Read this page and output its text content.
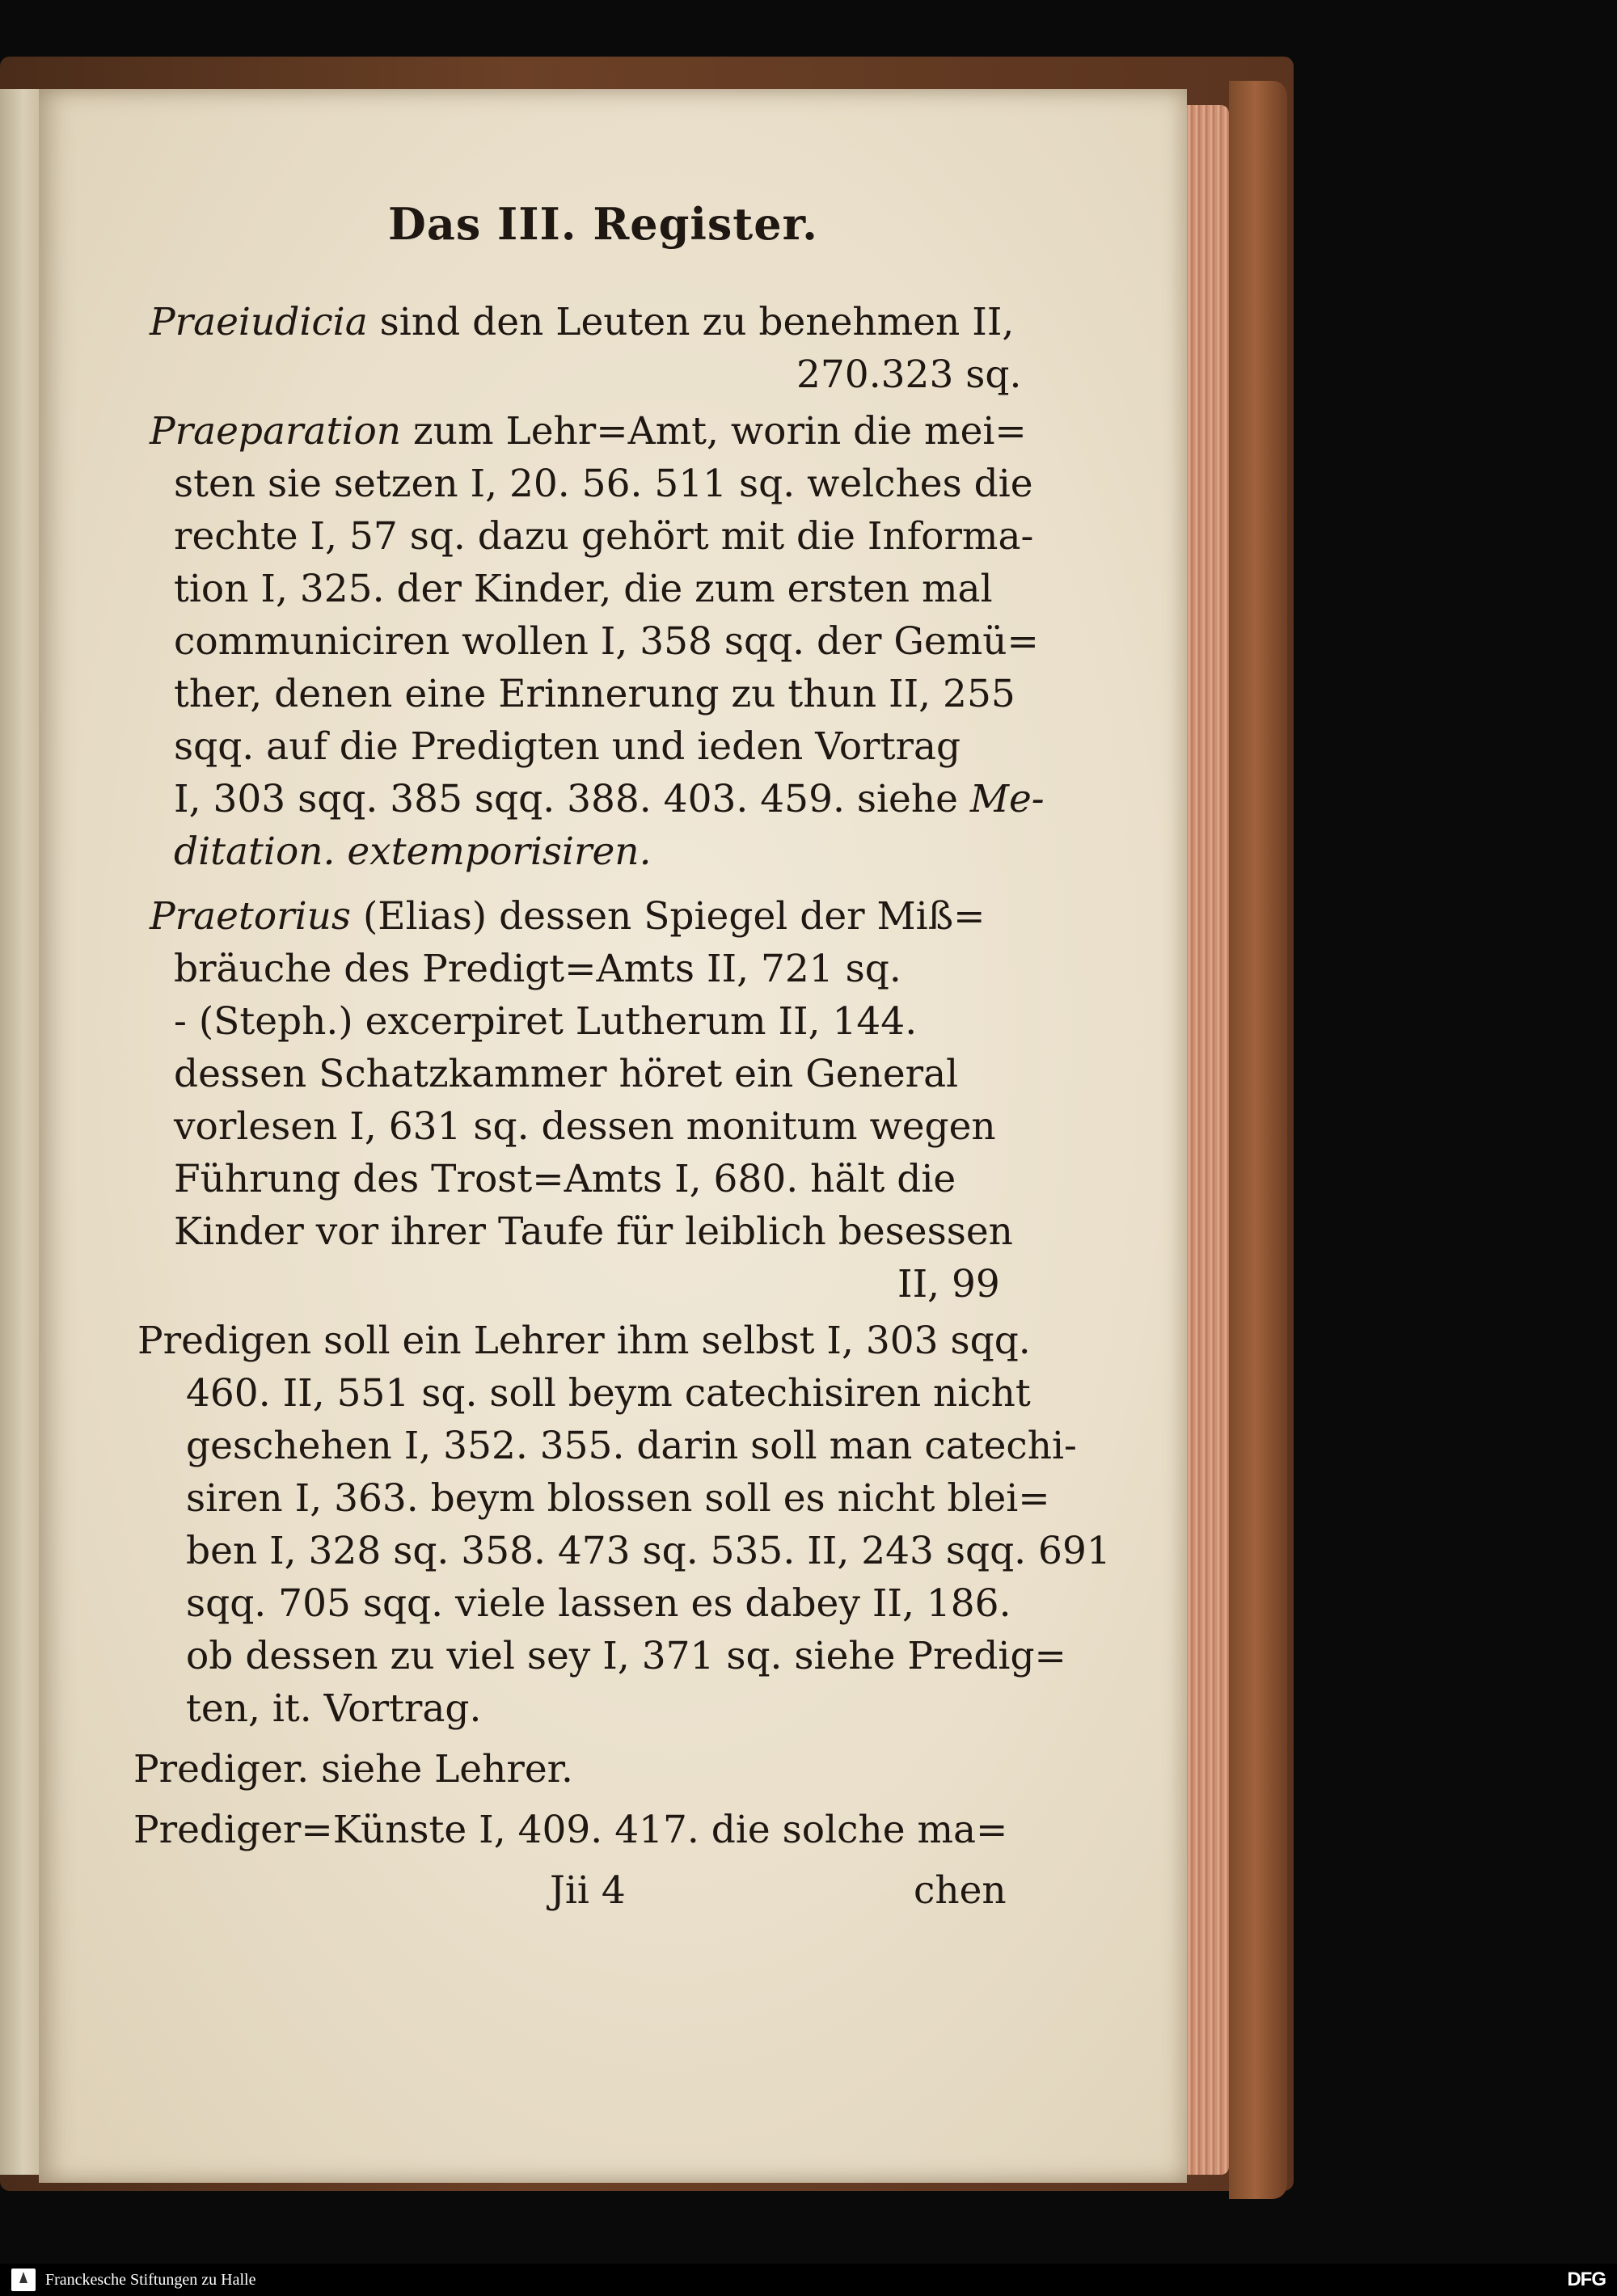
Das III. Register.
Praeiudicia sind den Leuten zu benehmen II,
270.323 sq.
Praeparation zum Lehr=Amt, worin die mei=
sten sie setzen I, 20. 56. 511 sq. welches die
rechte I, 57 sq. dazu gehört mit die Informa-
tion I, 325. der Kinder, die zum ersten mal
communiciren wollen I, 358 sqq. der Gemü=
ther, denen eine Erinnerung zu thun II, 255
sqq. auf die Predigten und ieden Vortrag
I, 303 sqq. 385 sqq. 388. 403. 459. siehe Me-
ditation. extemporisiren.
Praetorius (Elias) dessen Spiegel der Miß=
bräuche des Predigt=Amts II, 721 sq.
- (Steph.) excerpiret Lutherum II, 144.
dessen Schatzkammer höret ein General
vorlesen I, 631 sq. dessen monitum wegen
Führung des Trost=Amts I, 680. hält die
Kinder vor ihrer Taufe für leiblich besessen
II, 99
Predigen soll ein Lehrer ihm selbst I, 303 sqq.
460. II, 551 sq. soll beym catechisiren nicht
geschehen I, 352. 355. darin soll man catechi-
siren I, 363. beym blossen soll es nicht blei=
ben I, 328 sq. 358. 473 sq. 535. II, 243 sqq. 691
sqq. 705 sqq. viele lassen es dabey II, 186.
ob dessen zu viel sey I, 371 sq. siehe Predig=
ten, it. Vortrag.
Prediger. siehe Lehrer.
Prediger=Künste I, 409. 417. die solche ma=
Jii 4	chen
Franckesche Stiftungen zu Halle	DFG
